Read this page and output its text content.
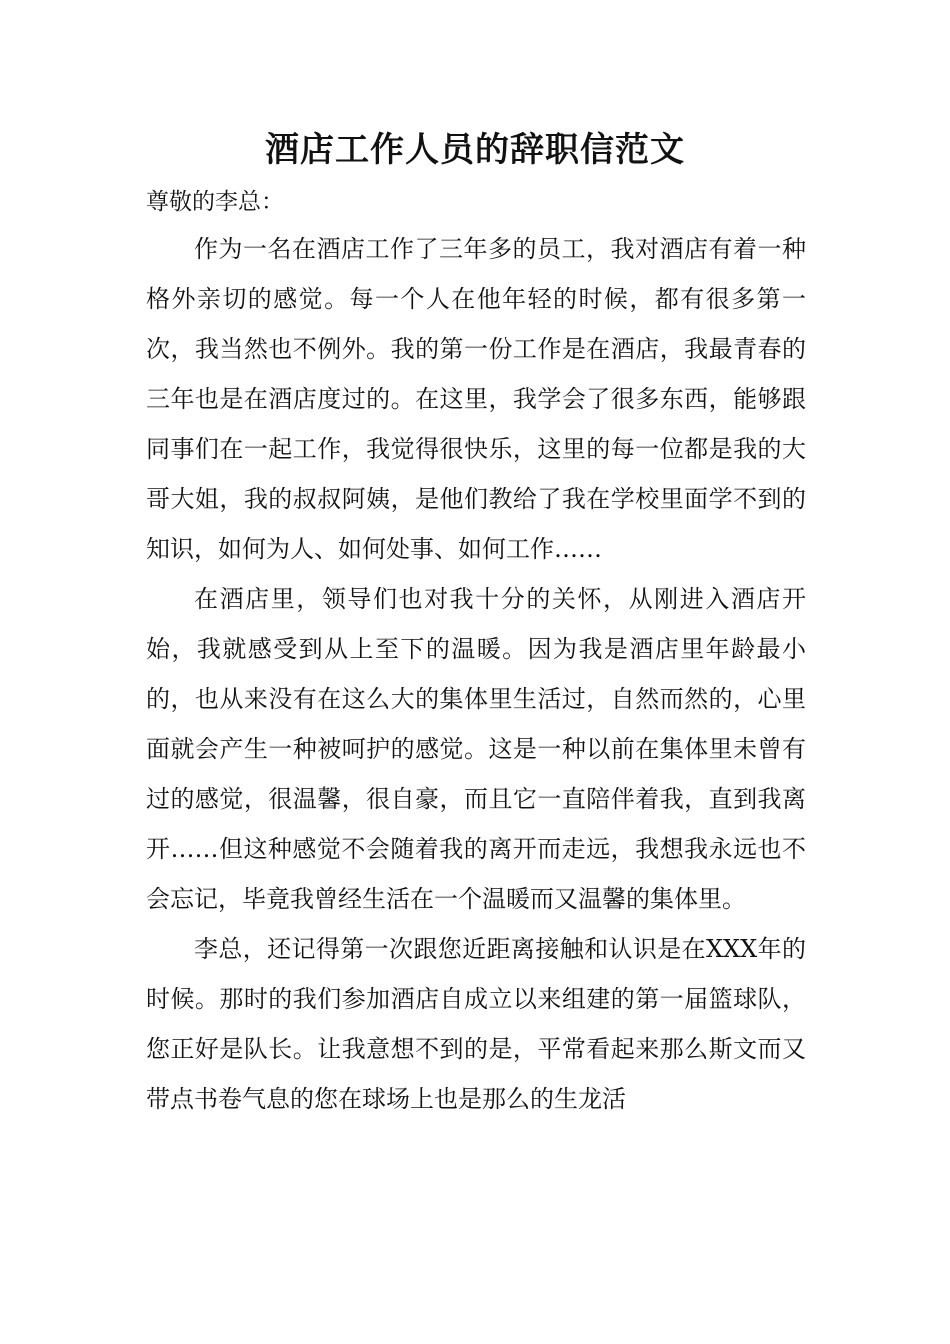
酒店工作人员的辞职信范文

尊敬的李总：

作为一名在酒店工作了三年多的员工，我对酒店有着一种格外亲切的感觉。每一个人在他年轻的时候，都有很多第一次，我当然也不例外。我的第一份工作是在酒店，我最青春的三年也是在酒店度过的。在这里，我学会了很多东西，能够跟同事们在一起工作，我觉得很快乐，这里的每一位都是我的大哥大姐，我的叔叔阿姨，是他们教给了我在学校里面学不到的知识，如何为人、如何处事、如何工作……

在酒店里，领导们也对我十分的关怀，从刚进入酒店开始，我就感受到从上至下的温暖。因为我是酒店里年龄最小的，也从来没有在这么大的集体里生活过，自然而然的，心里面就会产生一种被呵护的感觉。这是一种以前在集体里未曾有过的感觉，很温馨，很自豪，而且它一直陪伴着我，直到我离开……但这种感觉不会随着我的离开而走远，我想我永远也不会忘记，毕竟我曾经生活在一个温暖而又温馨的集体里。

李总，还记得第一次跟您近距离接触和认识是在XXX年的时候。那时的我们参加酒店自成立以来组建的第一届篮球队，您正好是队长。让我意想不到的是，平常看起来那么斯文而又带点书卷气息的您在球场上也是那么的生龙活
